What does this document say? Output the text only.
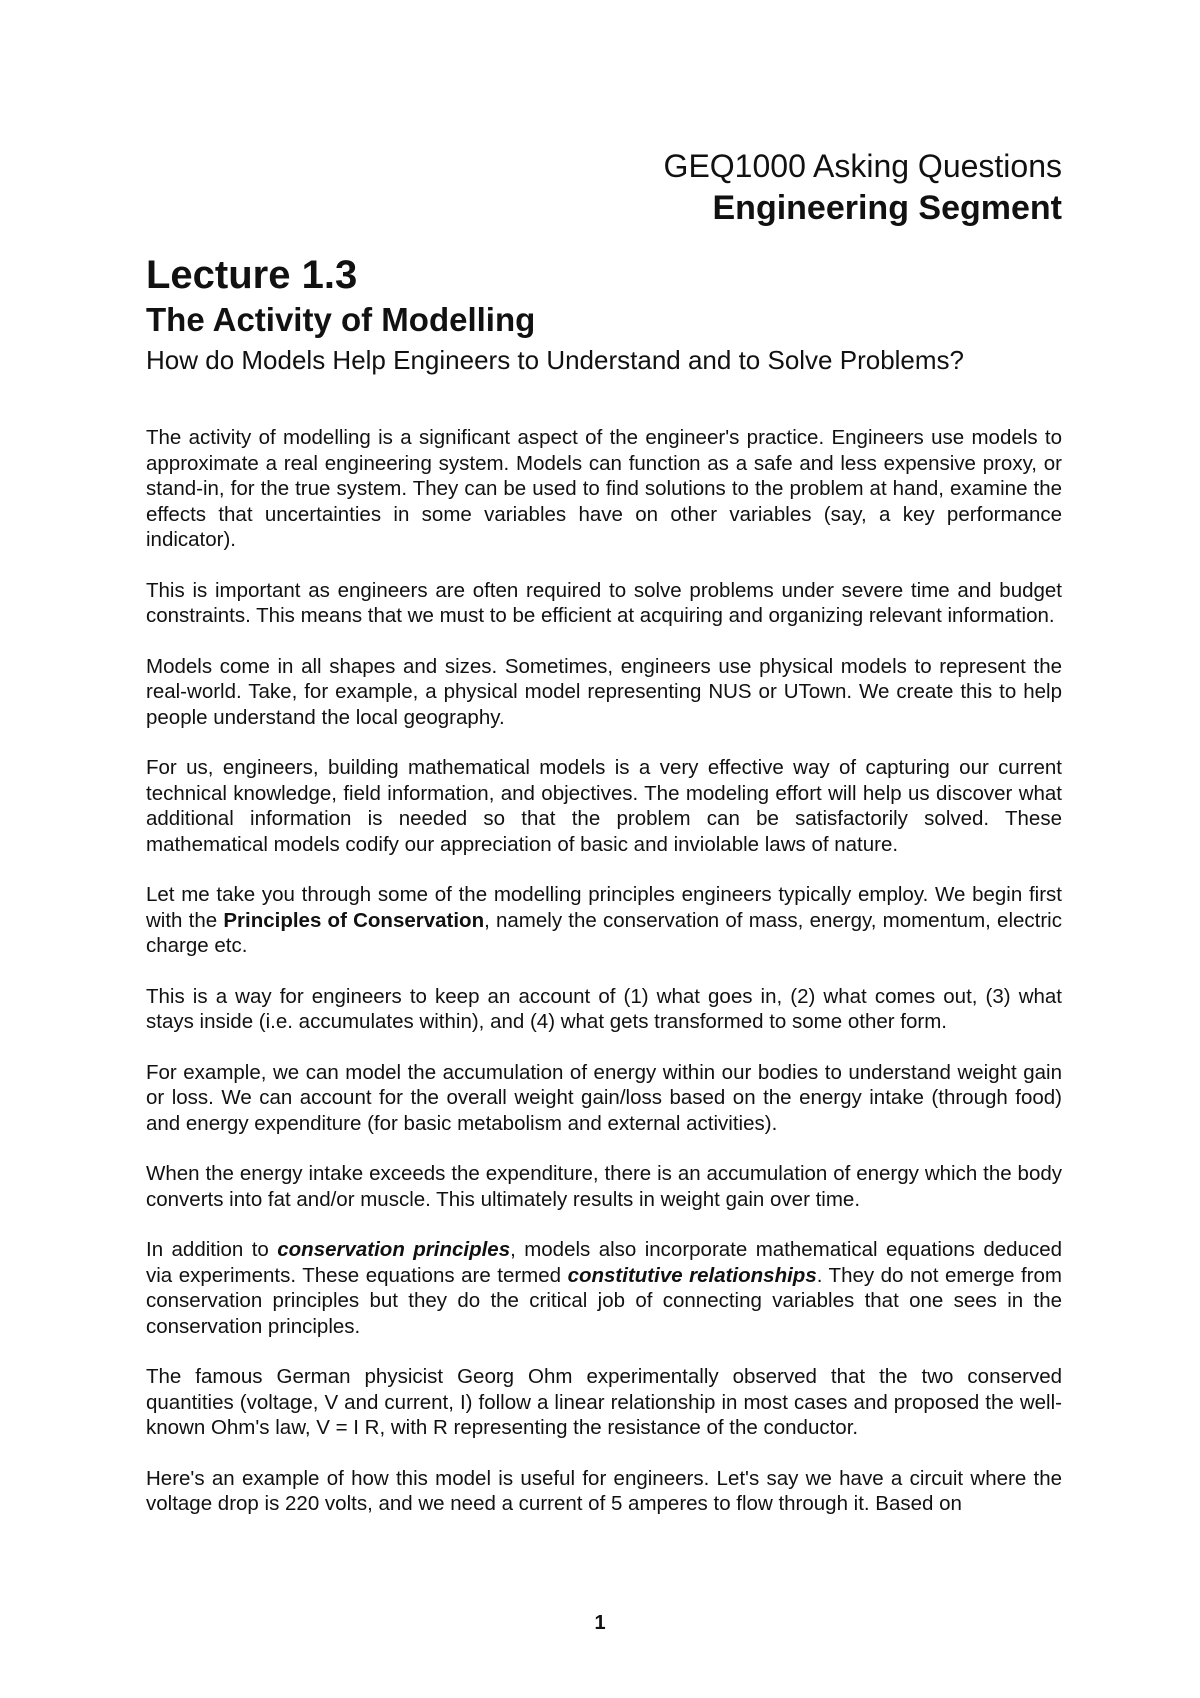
GEQ1000 Asking Questions
Engineering Segment
Lecture 1.3
The Activity of Modelling
How do Models Help Engineers to Understand and to Solve Problems?

The activity of modelling is a significant aspect of the engineer's practice. Engineers use models to approximate a real engineering system. Models can function as a safe and less expensive proxy, or stand-in, for the true system. They can be used to find solutions to the problem at hand, examine the effects that uncertainties in some variables have on other variables (say, a key performance indicator).

This is important as engineers are often required to solve problems under severe time and budget constraints. This means that we must to be efficient at acquiring and organizing relevant information.

Models come in all shapes and sizes. Sometimes, engineers use physical models to represent the real-world. Take, for example, a physical model representing NUS or UTown. We create this to help people understand the local geography.

For us, engineers, building mathematical models is a very effective way of capturing our current technical knowledge, field information, and objectives. The modeling effort will help us discover what additional information is needed so that the problem can be satisfactorily solved. These mathematical models codify our appreciation of basic and inviolable laws of nature.

Let me take you through some of the modelling principles engineers typically employ. We begin first with the Principles of Conservation, namely the conservation of mass, energy, momentum, electric charge etc.

This is a way for engineers to keep an account of (1) what goes in, (2) what comes out, (3) what stays inside (i.e. accumulates within), and (4) what gets transformed to some other form.

For example, we can model the accumulation of energy within our bodies to understand weight gain or loss. We can account for the overall weight gain/loss based on the energy intake (through food) and energy expenditure (for basic metabolism and external activities).

When the energy intake exceeds the expenditure, there is an accumulation of energy which the body converts into fat and/or muscle. This ultimately results in weight gain over time.

In addition to conservation principles, models also incorporate mathematical equations deduced via experiments. These equations are termed constitutive relationships. They do not emerge from conservation principles but they do the critical job of connecting variables that one sees in the conservation principles.

The famous German physicist Georg Ohm experimentally observed that the two conserved quantities (voltage, V and current, I) follow a linear relationship in most cases and proposed the well-known Ohm's law, V = I R, with R representing the resistance of the conductor.

Here's an example of how this model is useful for engineers. Let's say we have a circuit where the voltage drop is 220 volts, and we need a current of 5 amperes to flow through it. Based on

1
